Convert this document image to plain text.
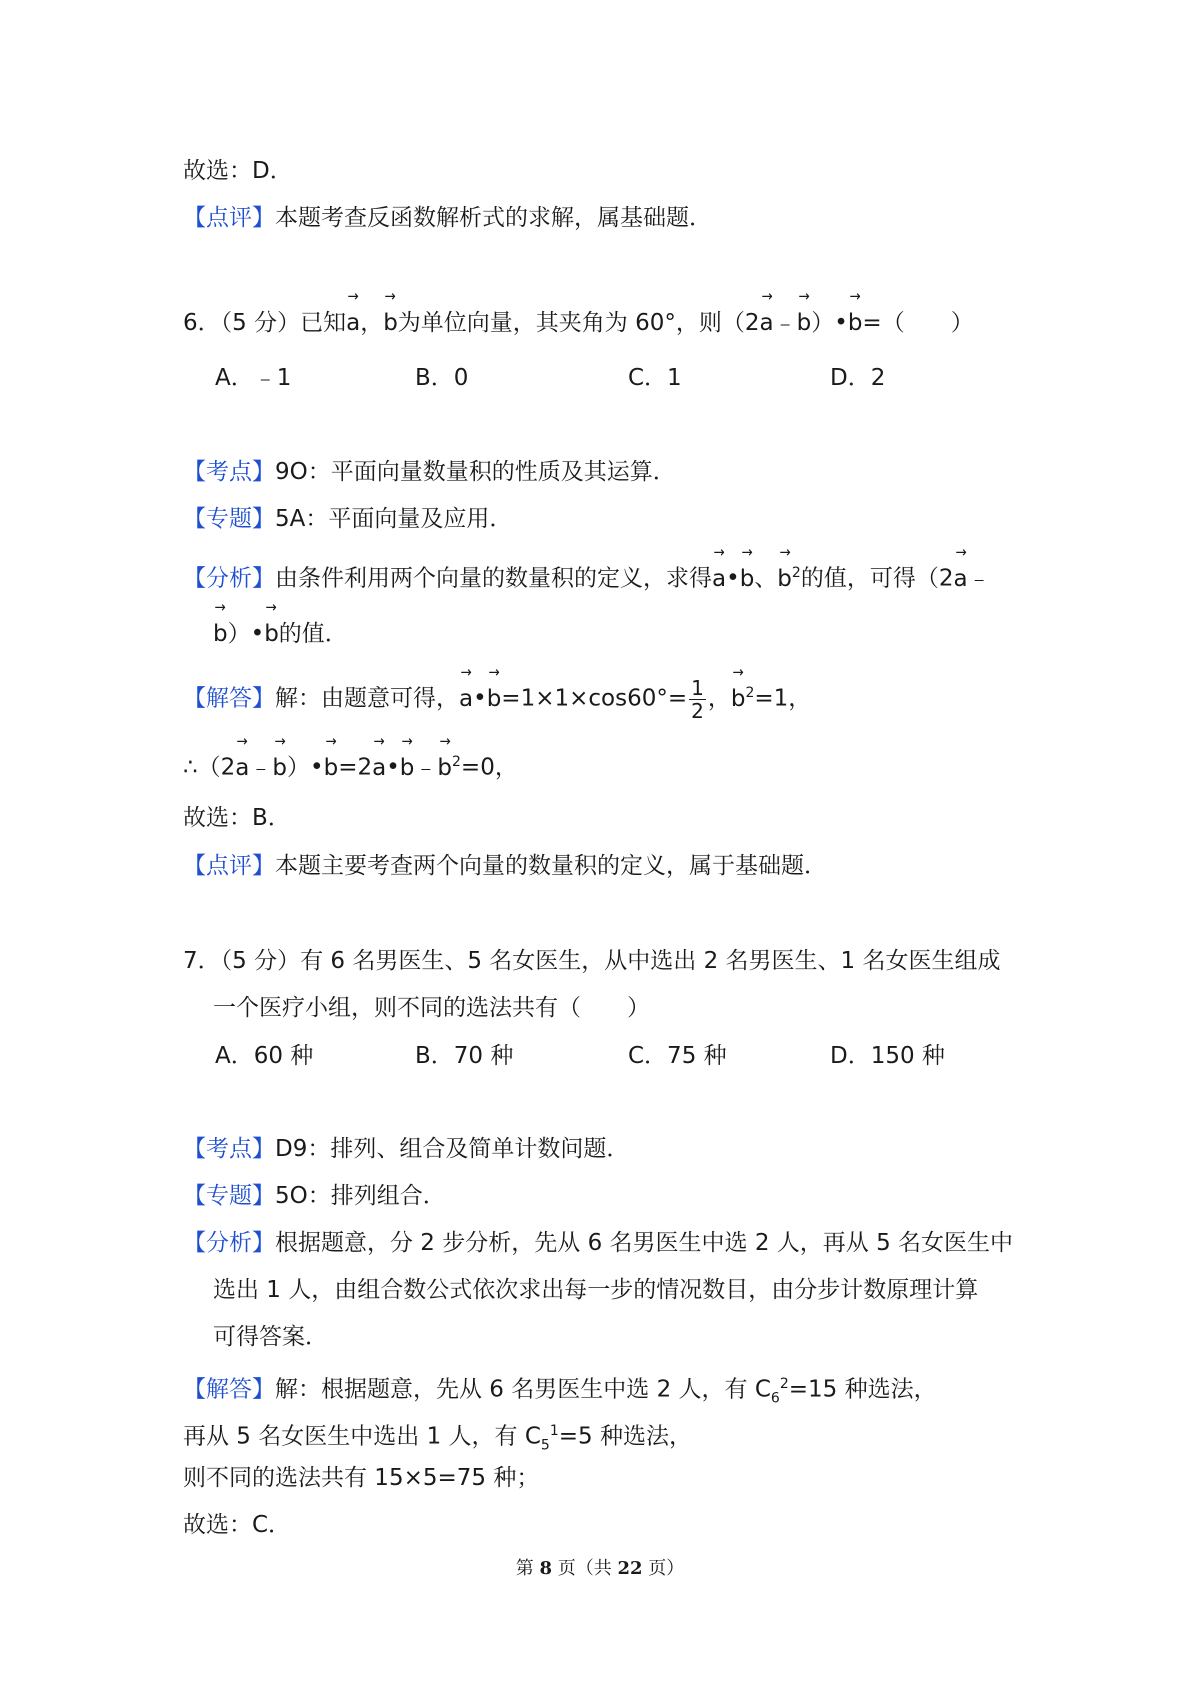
故选：D．
【点评】本题考查反函数解析式的求解，属基础题．
6．（5 分）已知→ a，→ b为单位向量，其夹角为 60°，则（2→ a﹣→ b）•→ b=（　　）
A．﹣1	B．0	C．1	D．2
【考点】9O：平面向量数量积的性质及其运算．
【专题】5A：平面向量及应用．
【分析】由条件利用两个向量的数量积的定义，求得→ a•→ b、→ $b^2$的值，可得（2→ a﹣
→ b）•→ b的值．
【解答】解：由题意可得，→ a•→ $b=1\times 1\times\cos 60^\circ= \frac{1}{2}$ ，→ $b^2=1$，
∴（2→ a﹣→ b）•→ b=2→ a•→ b﹣→ $b^2=0$，
故选：B．
【点评】本题主要考查两个向量的数量积的定义，属于基础题．
7．（5 分）有 6 名男医生、5 名女医生，从中选出 2 名男医生、1 名女医生组成
一个医疗小组，则不同的选法共有（　　）
A．60 种	B．70 种	C．75 种	D．150 种
【考点】D9：排列、组合及简单计数问题．
【专题】5O：排列组合．
【分析】根据题意，分 2 步分析，先从 6 名男医生中选 2 人，再从 5 名女医生中
选出 1 人，由组合数公式依次求出每一步的情况数目，由分步计数原理计算
可得答案．
【解答】解：根据题意，先从 6 名男医生中选 2 人，有 $C_6^2=15$ 种选法，
再从 5 名女医生中选出 1 人，有 $C_5^1=5$ 种选法，
则不同的选法共有 15×5=75 种；
故选：C．
第 8 页（共 22 页）
